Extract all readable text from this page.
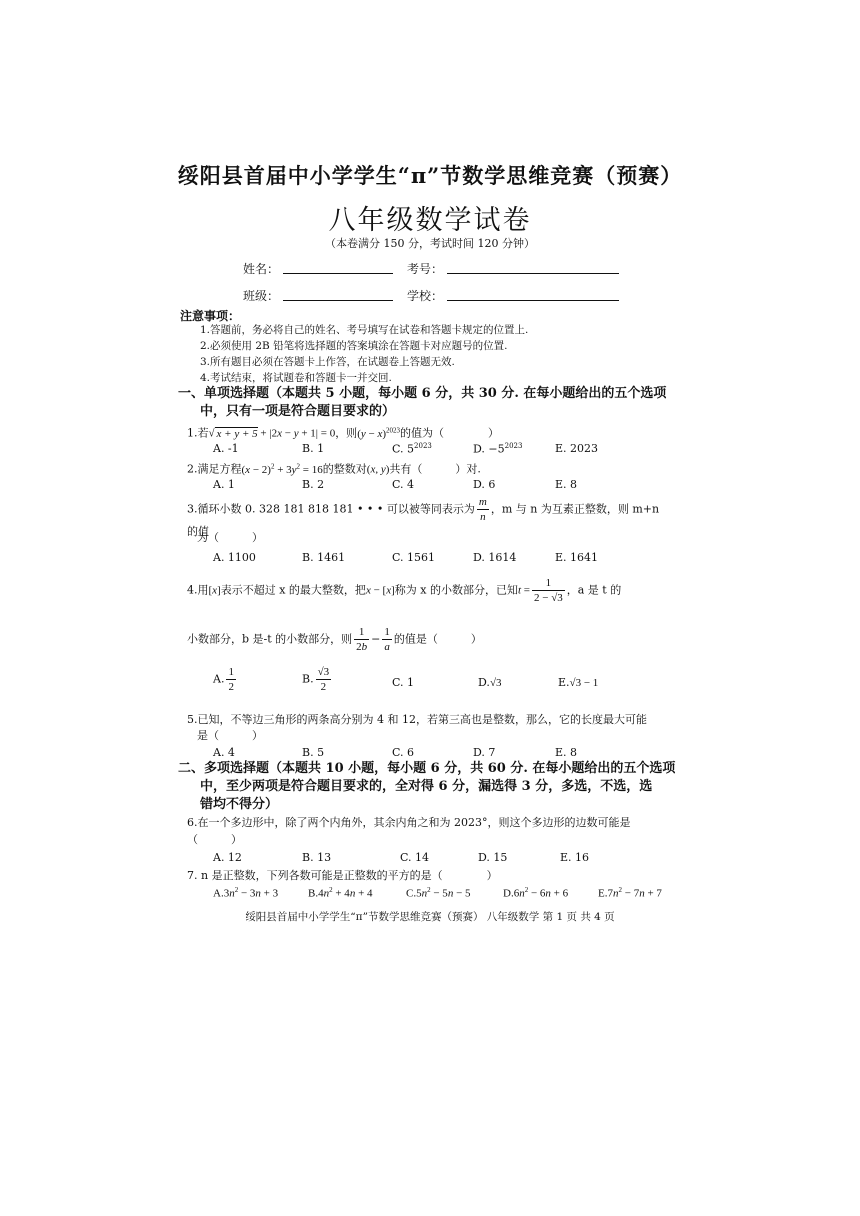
绥阳县首届中小学学生“π”节数学思维竞赛（预赛）
八年级数学试卷
（本卷满分 150 分，考试时间 120 分钟）
姓名：	考号：
班级：	学校：
注意事项：
1.答题前，务必将自己的姓名、考号填写在试卷和答题卡规定的位置上.
2.必须使用 2B 铅笔将选择题的答案填涂在答题卡对应题号的位置.
3.所有题目必须在答题卡上作答，在试题卷上答题无效.
4.考试结束，将试题卷和答题卡一并交回.
一、单项选择题（本题共 5 小题，每小题 6 分，共 30 分. 在每小题给出的五个选项
中，只有一项是符合题目要求的）
1.若√ x + y + 5 + |2x − y + 1| = 0，则$(y - x)^{2023}$的值为（　　　　）
A. -1	B. 1	C. $5^{2023}$	D. $-5^{2023}$	E. 2023
2.满足方程$(x - 2)^2 + 3y^2 = 16$的整数对(x, y)共有（　　　）对.
A. 1	B. 2	C. 4	D. 6	E. 8
3.循环小数 0. 328 181 818 181 • • • 可以被等同表示为 $\frac{m}{n}$ ，m 与 n 为互素正整数，则 m+n 的值
为（　　　）
A. 1100	B. 1461	C. 1561	D. 1614	E. 1641
4.用[x]表示不超过 x 的最大整数，把x − [x]称为 x 的小数部分，已知$t = \frac{1}{2 - √3}$ ，a 是 t 的
小数部分，b 是-t 的小数部分，则 $\frac{1}{2b} - \frac{1}{a}$ 的值是（　　　）
A. $\frac{1}{2}$	B. $\frac{√3}{2}$	C. 1	D.√3	E.√3 − 1
5.已知，不等边三角形的两条高分别为 4 和 12，若第三高也是整数，那么，它的长度最大可能
是（　　　）
A. 4	B. 5	C. 6	D. 7	E. 8
二、多项选择题（本题共 10 小题，每小题 6 分，共 60 分. 在每小题给出的五个选项
中，至少两项是符合题目要求的，全对得 6 分，漏选得 3 分，多选，不选，选
错均不得分）
6.在一个多边形中，除了两个内角外，其余内角之和为 2023°，则这个多边形的边数可能是
（　　　）
A. 12	B. 13	C. 14	D. 15	E. 16
7. n 是正整数，下列各数可能是正整数的平方的是（　　　　）
$A.3n^2 - 3n + 3$	$B.4n^2 + 4n + 4$	$C.5n^2 - 5n - 5$	$D.6n^2 - 6n + 6$	$E.7n^2 - 7n + 7$
绥阳县首届中小学学生“π”节数学思维竞赛（预赛） 八年级数学 第 1 页 共 4 页
